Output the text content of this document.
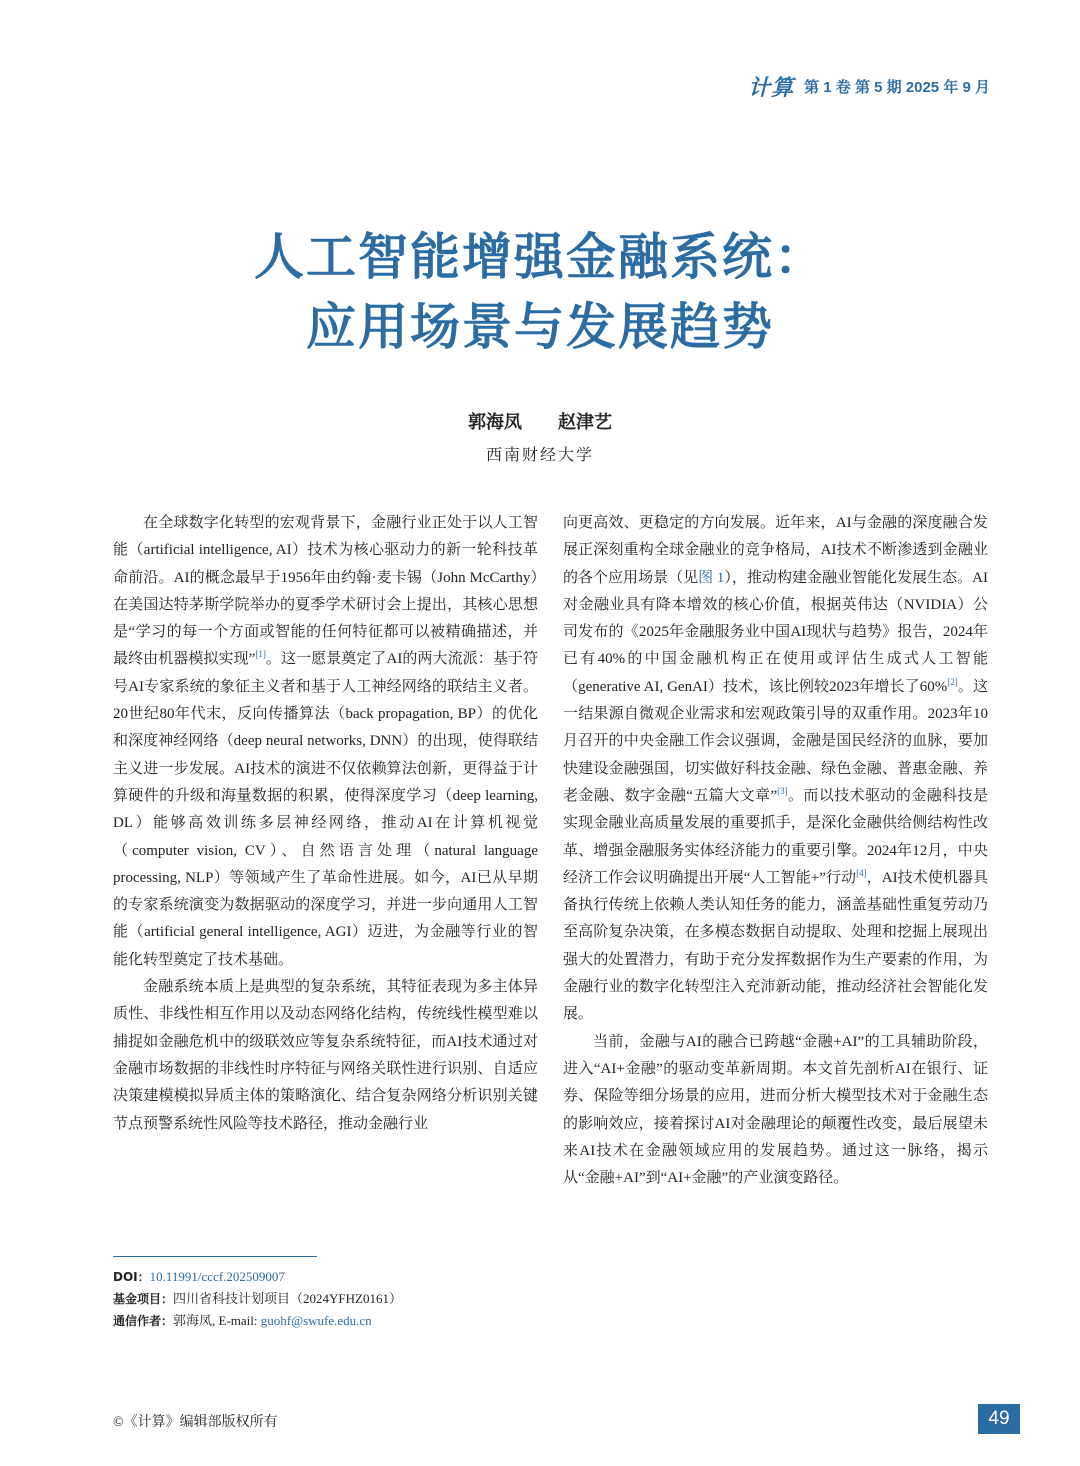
计算 第 1 卷 第 5 期 2025 年 9 月
人工智能增强金融系统：
应用场景与发展趋势
郭海凤 赵津艺
西南财经大学

在全球数字化转型的宏观背景下，金融行业正处于以人工智能（artificial intelligence, AI）技术为核心驱动力的新一轮科技革命前沿。AI的概念最早于1956年由约翰·麦卡锡（John McCarthy）在美国达特茅斯学院举办的夏季学术研讨会上提出，其核心思想是“学习的每一个方面或智能的任何特征都可以被精确描述，并最终由机器模拟实现”[1]。这一愿景奠定了AI的两大流派：基于符号AI专家系统的象征主义者和基于人工神经网络的联结主义者。20世纪80年代末，反向传播算法（back propagation, BP）的优化和深度神经网络（deep neural networks, DNN）的出现，使得联结主义进一步发展。AI技术的演进不仅依赖算法创新，更得益于计算硬件的升级和海量数据的积累，使得深度学习（deep learning, DL）能够高效训练多层神经网络，推动AI在计算机视觉（computer vision, CV）、自然语言处理（natural language processing, NLP）等领域产生了革命性进展。如今，AI已从早期的专家系统演变为数据驱动的深度学习，并进一步向通用人工智能（artificial general intelligence, AGI）迈进，为金融等行业的智能化转型奠定了技术基础。

金融系统本质上是典型的复杂系统，其特征表现为多主体异质性、非线性相互作用以及动态网络化结构，传统线性模型难以捕捉如金融危机中的级联效应等复杂系统特征，而AI技术通过对金融市场数据的非线性时序特征与网络关联性进行识别、自适应决策建模模拟异质主体的策略演化、结合复杂网络分析识别关键节点预警系统性风险等技术路径，推动金融行业

DOI：10.11991/cccf.202509007
基金项目：四川省科技计划项目（2024YFHZ0161）
通信作者：郭海凤, E-mail: guohf@swufe.edu.cn

向更高效、更稳定的方向发展。近年来，AI与金融的深度融合发展正深刻重构全球金融业的竞争格局，AI技术不断渗透到金融业的各个应用场景（见图 1），推动构建金融业智能化发展生态。AI对金融业具有降本增效的核心价值，根据英伟达（NVIDIA）公司发布的《2025年金融服务业中国AI现状与趋势》报告，2024年已有40%的中国金融机构正在使用或评估生成式人工智能（generative AI, GenAI）技术，该比例较2023年增长了60%[2]。这一结果源自微观企业需求和宏观政策引导的双重作用。2023年10月召开的中央金融工作会议强调，金融是国民经济的血脉，要加快建设金融强国，切实做好科技金融、绿色金融、普惠金融、养老金融、数字金融“五篇大文章”[3]。而以技术驱动的金融科技是实现金融业高质量发展的重要抓手，是深化金融供给侧结构性改革、增强金融服务实体经济能力的重要引擎。2024年12月，中央经济工作会议明确提出开展“人工智能+”行动[4]，AI技术使机器具备执行传统上依赖人类认知任务的能力，涵盖基础性重复劳动乃至高阶复杂决策，在多模态数据自动提取、处理和挖掘上展现出强大的处置潜力，有助于充分发挥数据作为生产要素的作用，为金融行业的数字化转型注入充沛新动能，推动经济社会智能化发展。

当前，金融与AI的融合已跨越“金融+AI”的工具辅助阶段，进入“AI+金融”的驱动变革新周期。本文首先剖析AI在银行、证券、保险等细分场景的应用，进而分析大模型技术对于金融生态的影响效应，接着探讨AI对金融理论的颠覆性改变，最后展望未来AI技术在金融领域应用的发展趋势。通过这一脉络，揭示从“金融+AI”到“AI+金融”的产业演变路径。

©《计算》编辑部版权所有	49
